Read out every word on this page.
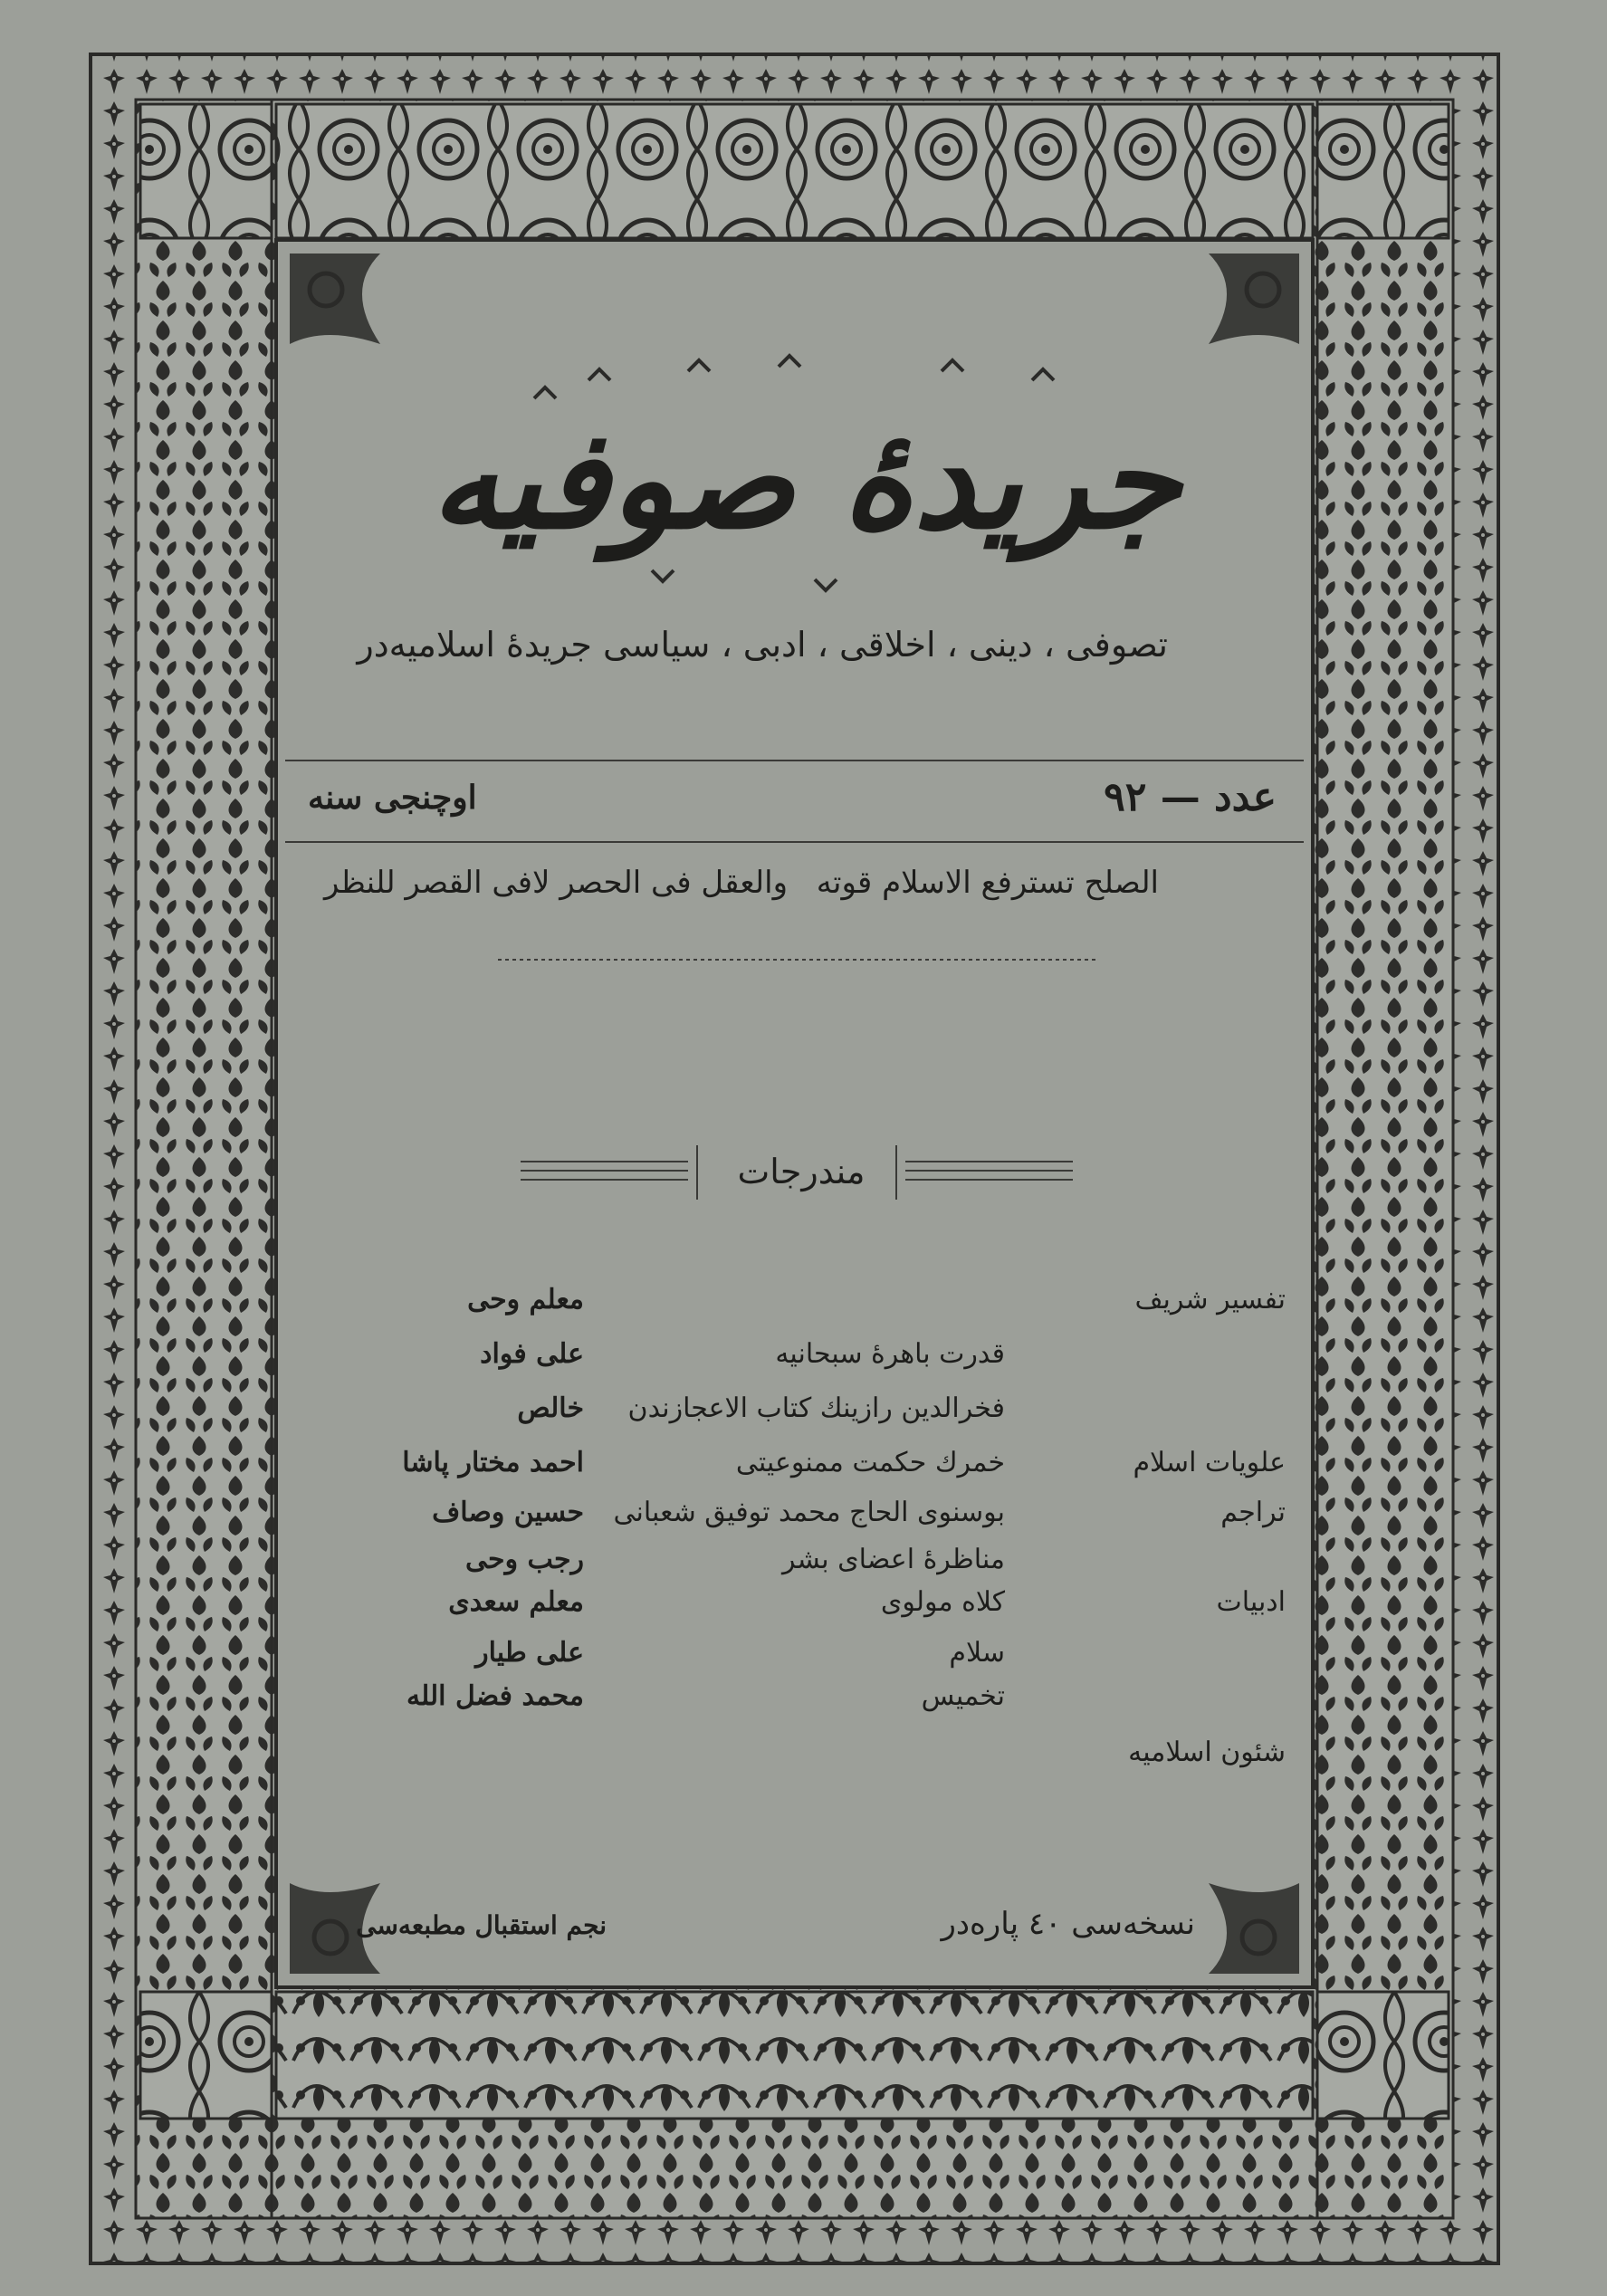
جريدهٔ صوفيه
تصوفى ، دينى ، اخلاقى ، ادبى ، سياسى جريدهٔ اسلاميه‌در
عدد — ٩٢
اوچنجى سنه
الصلح تسترفع الاسلام قوته
والعقل فى الحصر لافى القصر للنظر
مندرجات
تفسير شريف
معلم وحى
قدرت باهرهٔ سبحانيه
على فواد
فخرالدين رازينك كتاب الاعجازندن
خالص
علويات اسلام
خمرك حكمت ممنوعيتى
احمد مختار پاشا
تراجم
بوسنوى الحاج محمد توفيق شعبانى
حسين وصاف
مناظرهٔ اعضاى بشر
رجب وحى
ادبيات
كلاه مولوى
معلم سعدى
سلام
على طيار
تخميس
محمد فضل الله
شئون اسلاميه
نسخه‌سى ٤٠ پاره‌در
نجم استقبال مطبعه‌سى
